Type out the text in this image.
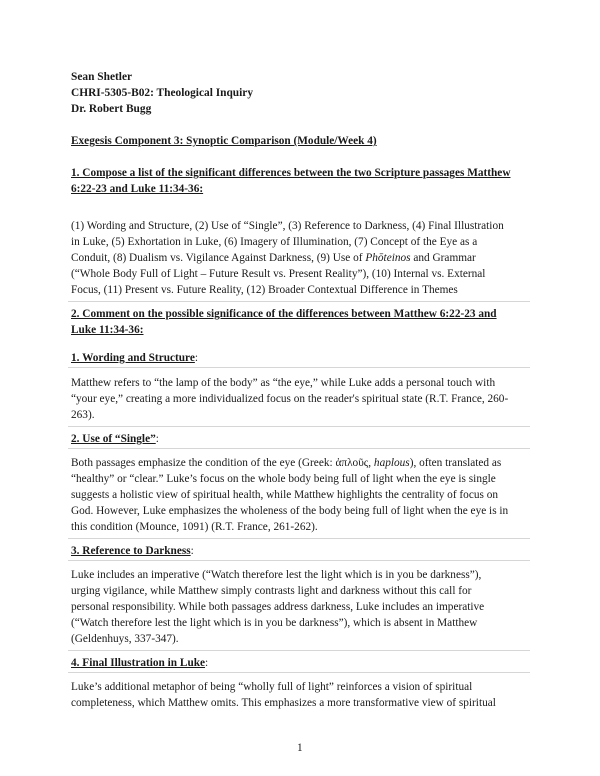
Sean Shetler
CHRI-5305-B02: Theological Inquiry
Dr. Robert Bugg
Exegesis Component 3: Synoptic Comparison (Module/Week 4)
1. Compose a list of the significant differences between the two Scripture passages Matthew
6:22-23 and Luke 11:34-36:
(1) Wording and Structure, (2) Use of “Single”, (3) Reference to Darkness, (4) Final Illustration
in Luke, (5) Exhortation in Luke, (6) Imagery of Illumination, (7) Concept of the Eye as a
Conduit, (8) Dualism vs. Vigilance Against Darkness, (9) Use of Phōteinos and Grammar
(“Whole Body Full of Light – Future Result vs. Present Reality”), (10) Internal vs. External
Focus, (11) Present vs. Future Reality, (12) Broader Contextual Difference in Themes
2. Comment on the possible significance of the differences between Matthew 6:22-23 and
Luke 11:34-36:
1. Wording and Structure:
Matthew refers to “the lamp of the body” as “the eye,” while Luke adds a personal touch with
“your eye,” creating a more individualized focus on the reader's spiritual state (R.T. France, 260-
263).
2. Use of “Single”:
Both passages emphasize the condition of the eye (Greek: ἁπλοῦς, haplous), often translated as
“healthy” or “clear.” Luke’s focus on the whole body being full of light when the eye is single
suggests a holistic view of spiritual health, while Matthew highlights the centrality of focus on
God. However, Luke emphasizes the wholeness of the body being full of light when the eye is in
this condition (Mounce, 1091) (R.T. France, 261-262).
3. Reference to Darkness:
Luke includes an imperative (“Watch therefore lest the light which is in you be darkness”),
urging vigilance, while Matthew simply contrasts light and darkness without this call for
personal responsibility. While both passages address darkness, Luke includes an imperative
(“Watch therefore lest the light which is in you be darkness”), which is absent in Matthew
(Geldenhuys, 337-347).
4. Final Illustration in Luke:
Luke’s additional metaphor of being “wholly full of light” reinforces a vision of spiritual
completeness, which Matthew omits. This emphasizes a more transformative view of spiritual
1
